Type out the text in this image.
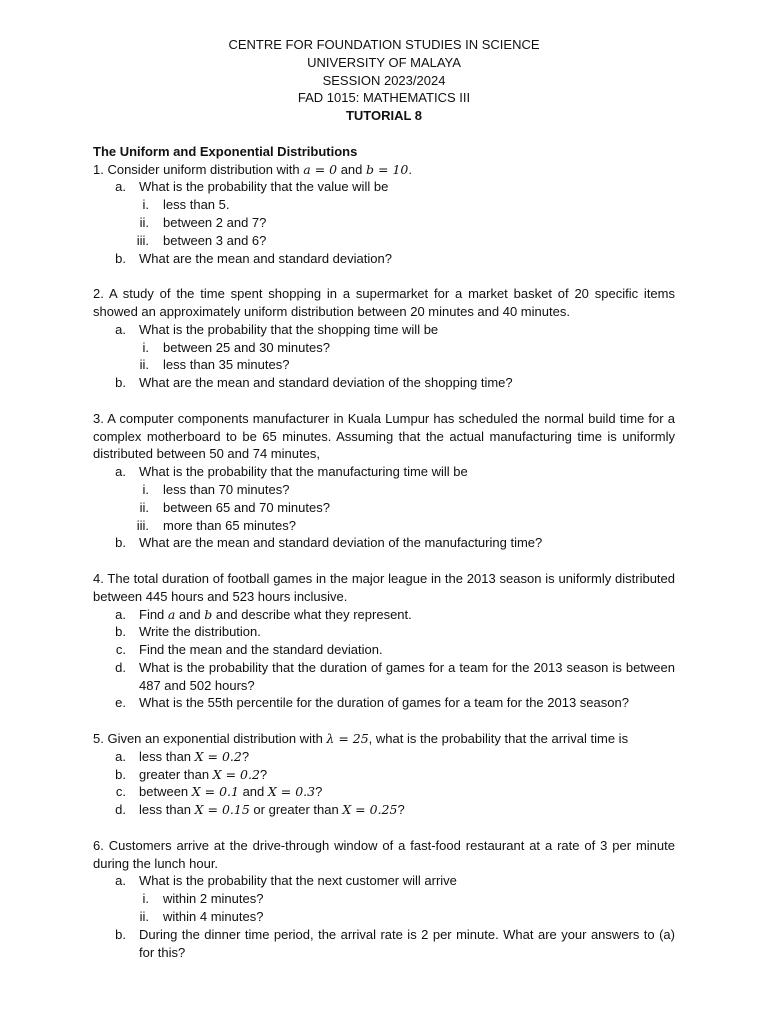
CENTRE FOR FOUNDATION STUDIES IN SCIENCE
UNIVERSITY OF MALAYA
SESSION 2023/2024
FAD 1015: MATHEMATICS III
TUTORIAL 8
The Uniform and Exponential Distributions
1. Consider uniform distribution with a = 0 and b = 10.
a.	What is the probability that the value will be
i.	less than 5.
ii.	between 2 and 7?
iii.	between 3 and 6?
b.	What are the mean and standard deviation?
2. A study of the time spent shopping in a supermarket for a market basket of 20 specific items showed an approximately uniform distribution between 20 minutes and 40 minutes.
a.	What is the probability that the shopping time will be
i.	between 25 and 30 minutes?
ii.	less than 35 minutes?
b.	What are the mean and standard deviation of the shopping time?
3. A computer components manufacturer in Kuala Lumpur has scheduled the normal build time for a complex motherboard to be 65 minutes. Assuming that the actual manufacturing time is uniformly distributed between 50 and 74 minutes,
a.	What is the probability that the manufacturing time will be
i.	less than 70 minutes?
ii.	between 65 and 70 minutes?
iii.	more than 65 minutes?
b.	What are the mean and standard deviation of the manufacturing time?
4. The total duration of football games in the major league in the 2013 season is uniformly distributed between 445 hours and 523 hours inclusive.
a.	Find a and b and describe what they represent.
b.	Write the distribution.
c.	Find the mean and the standard deviation.
d.	What is the probability that the duration of games for a team for the 2013 season is between 487 and 502 hours?
e.	What is the 55th percentile for the duration of games for a team for the 2013 season?
5. Given an exponential distribution with λ = 25, what is the probability that the arrival time is
a.	less than X = 0.2?
b.	greater than X = 0.2?
c.	between X = 0.1 and X = 0.3?
d.	less than X = 0.15 or greater than X = 0.25?
6. Customers arrive at the drive-through window of a fast-food restaurant at a rate of 3 per minute during the lunch hour.
a.	What is the probability that the next customer will arrive
i.	within 2 minutes?
ii.	within 4 minutes?
b.	During the dinner time period, the arrival rate is 2 per minute. What are your answers to (a) for this?
